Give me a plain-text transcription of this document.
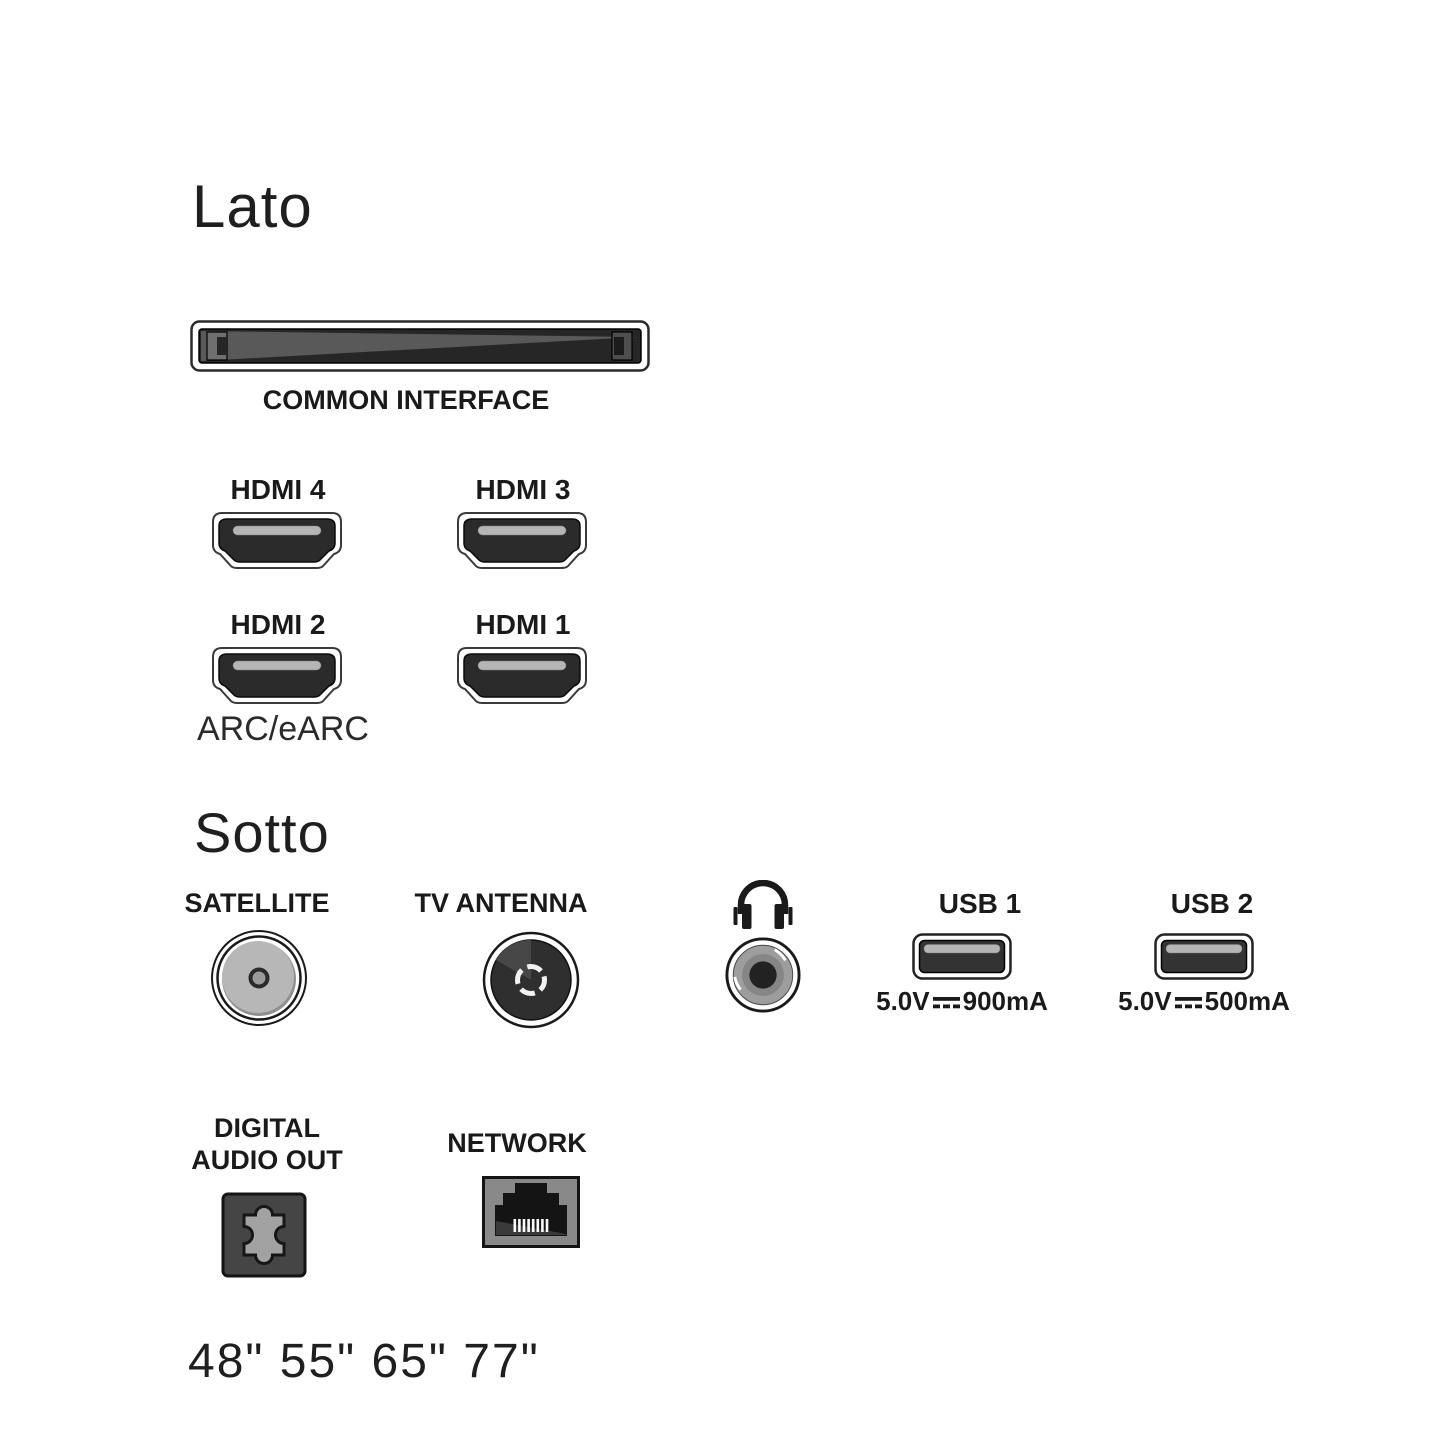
Lato
COMMON INTERFACE
HDMI 4	HDMI 3
HDMI 2	HDMI 1
ARC/eARC
Sotto
SATELLITE	TV ANTENNA	USB 1
5.0V 900mA
USB 2
5.0V 500mA
DIGITAL
AUDIO OUT
NETWORK
48" 55" 65" 77"
